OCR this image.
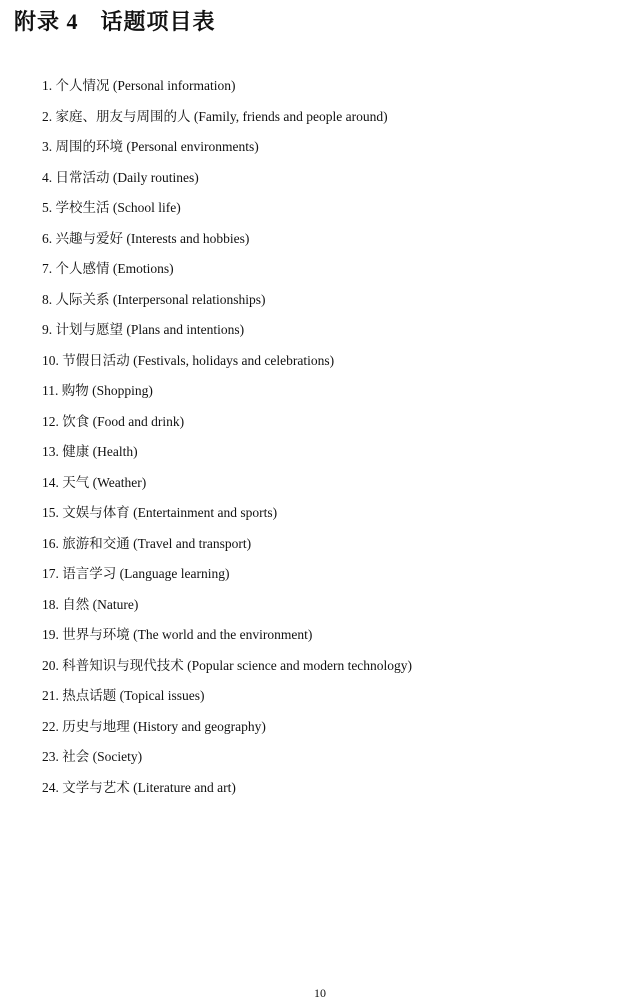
附录 4 话题项目表
1. 个人情况 (Personal information)
2. 家庭、朋友与周围的人 (Family, friends and people around)
3. 周围的环境 (Personal environments)
4. 日常活动 (Daily routines)
5. 学校生活 (School life)
6. 兴趣与爱好 (Interests and hobbies)
7. 个人感情 (Emotions)
8. 人际关系 (Interpersonal relationships)
9. 计划与愿望 (Plans and intentions)
10. 节假日活动 (Festivals, holidays and celebrations)
11. 购物 (Shopping)
12. 饮食 (Food and drink)
13. 健康 (Health)
14. 天气 (Weather)
15. 文娱与体育 (Entertainment and sports)
16. 旅游和交通 (Travel and transport)
17. 语言学习 (Language learning)
18. 自然 (Nature)
19. 世界与环境 (The world and the environment)
20. 科普知识与现代技术 (Popular science and modern technology)
21. 热点话题 (Topical issues)
22. 历史与地理 (History and geography)
23. 社会 (Society)
24. 文学与艺术 (Literature and art)
10
